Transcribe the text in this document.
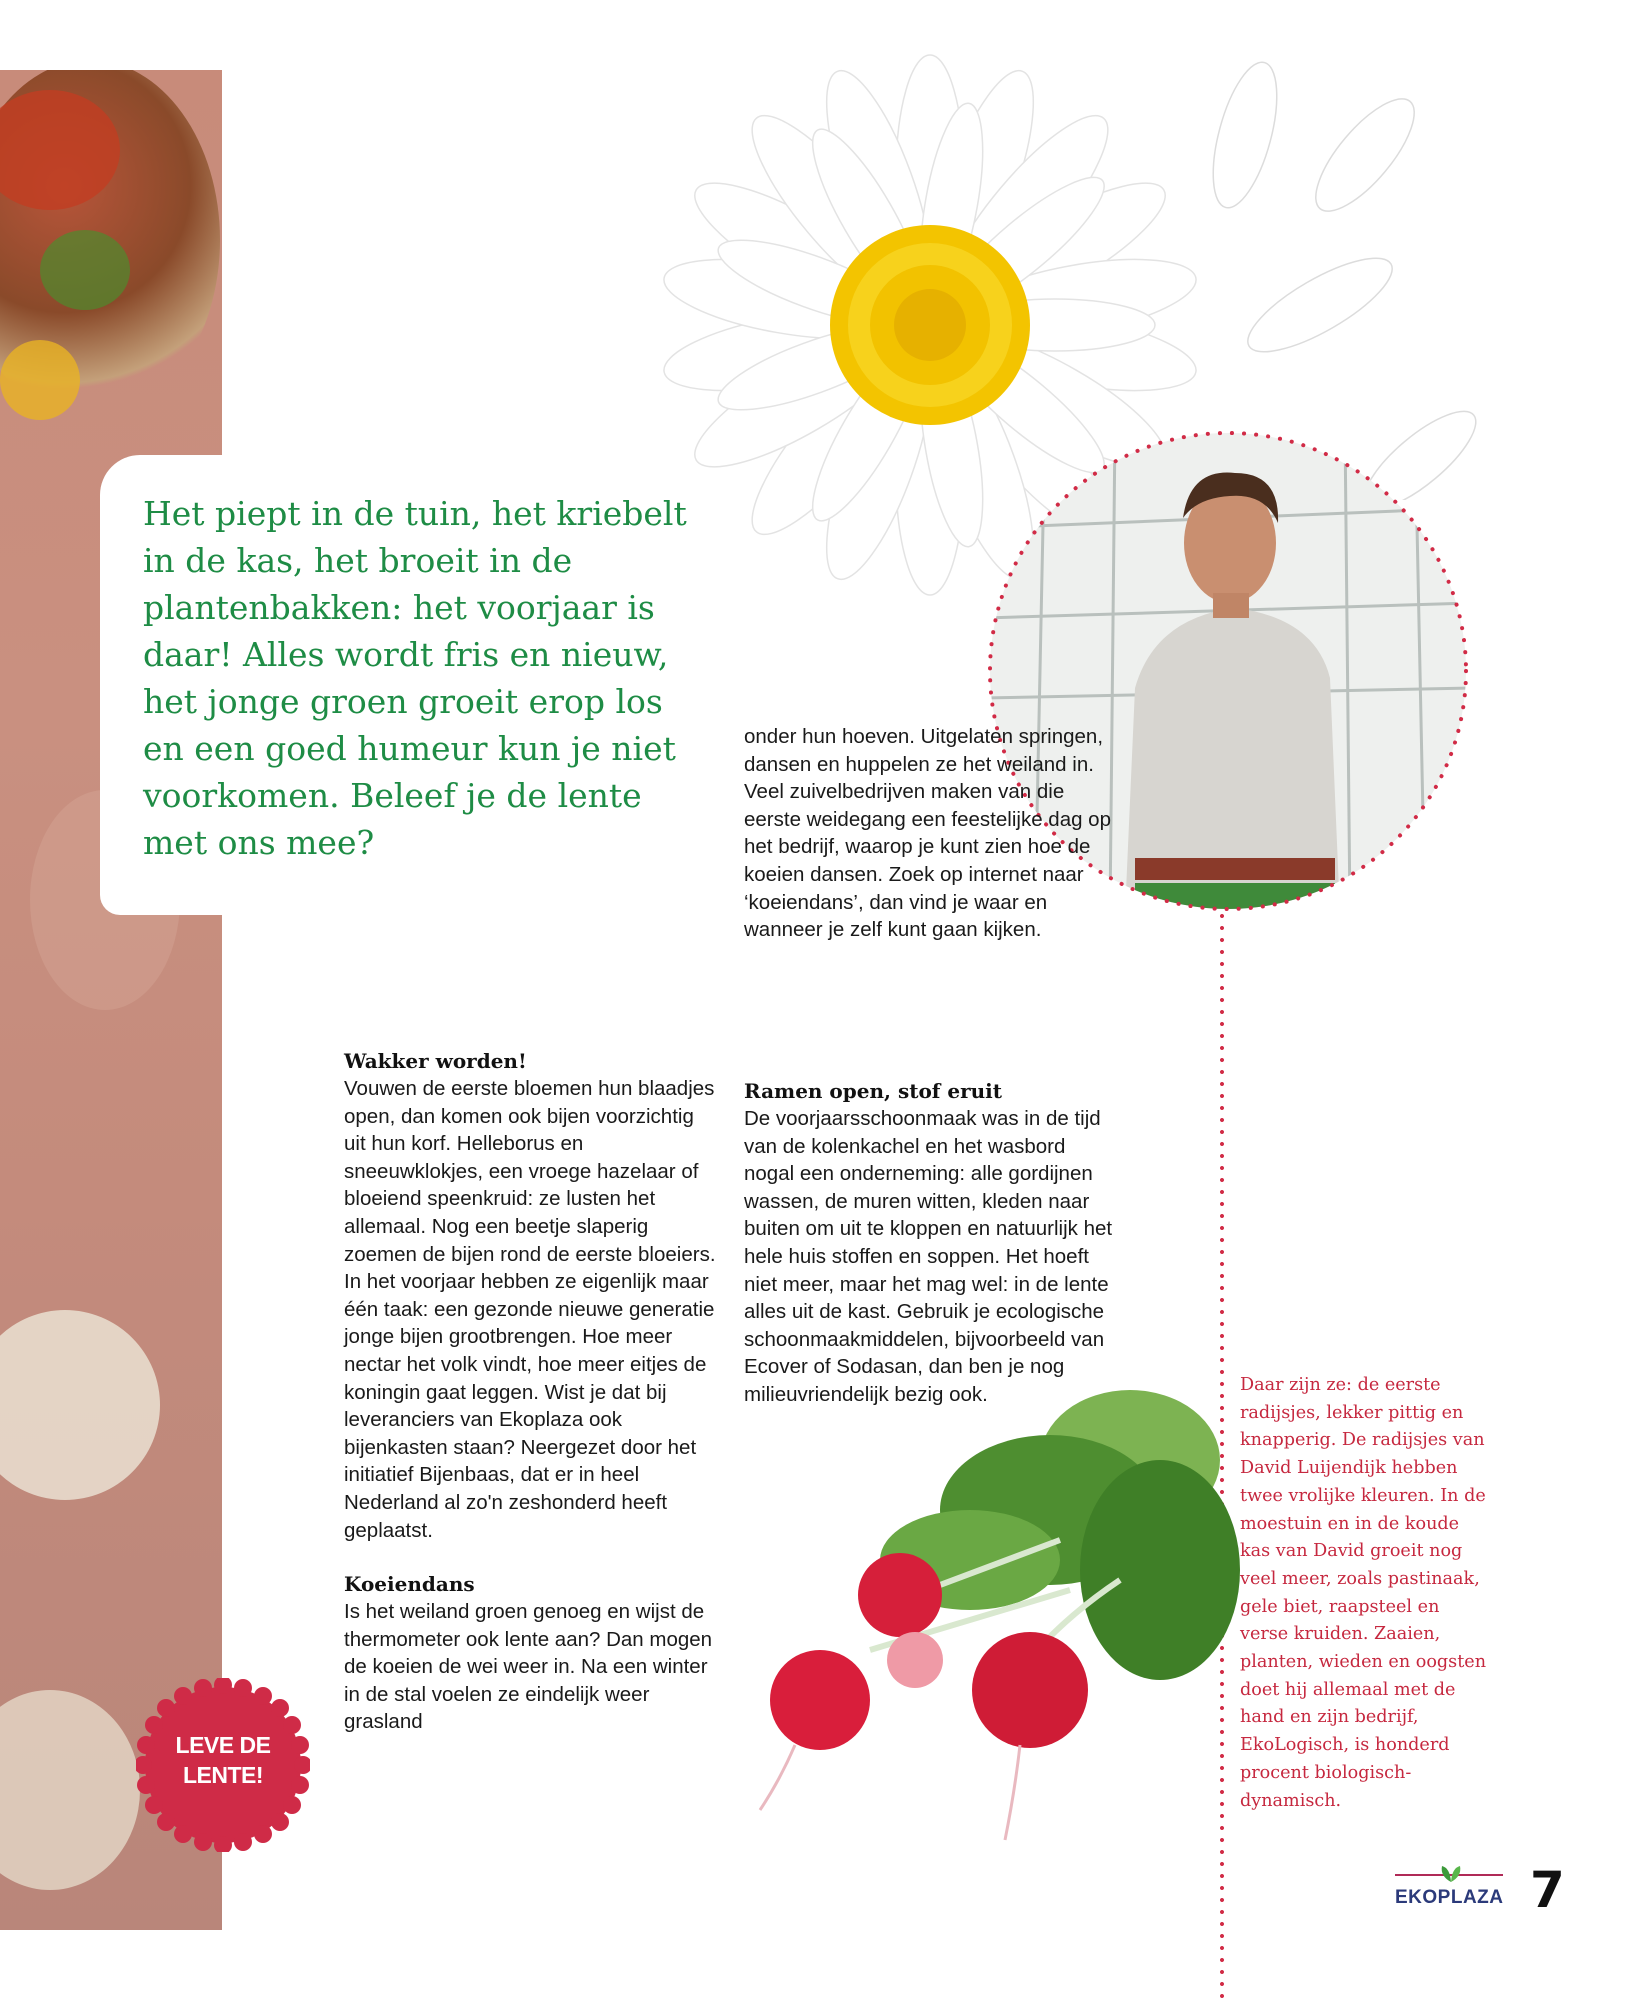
Het piept in de tuin, het kriebelt in de kas, het broeit in de plantenbakken: het voorjaar is daar! Alles wordt fris en nieuw, het jonge groen groeit erop los en een goed humeur kun je niet voorkomen. Beleef je de lente met ons mee?

onder hun hoeven. Uitgelaten springen, dansen en huppelen ze het weiland in. Veel zuivelbedrijven maken van die eerste weidegang een feestelijke dag op het bedrijf, waarop je kunt zien hoe de koeien dansen. Zoek op internet naar ‘koeiendans’, dan vind je waar en wanneer je zelf kunt gaan kijken.

Wakker worden!

Vouwen de eerste bloemen hun blaadjes open, dan komen ook bijen voorzichtig uit hun korf. Helleborus en sneeuwklokjes, een vroege hazelaar of bloeiend speenkruid: ze lusten het allemaal. Nog een beetje slaperig zoemen de bijen rond de eerste bloeiers. In het voorjaar hebben ze eigenlijk maar één taak: een gezonde nieuwe generatie jonge bijen grootbrengen. Hoe meer nectar het volk vindt, hoe meer eitjes de koningin gaat leggen. Wist je dat bij leveranciers van Ekoplaza ook bijenkasten staan? Neergezet door het initiatief Bijenbaas, dat er in heel Nederland al zo'n zeshonderd heeft geplaatst.

Koeiendans

Is het weiland groen genoeg en wijst de thermometer ook lente aan? Dan mogen de koeien de wei weer in. Na een winter in de stal voelen ze eindelijk weer grasland

Ramen open, stof eruit

De voorjaarsschoonmaak was in de tijd van de kolenkachel en het wasbord nogal een onderneming: alle gordijnen wassen, de muren witten, kleden naar buiten om uit te kloppen en natuurlijk het hele huis stoffen en soppen. Het hoeft niet meer, maar het mag wel: in de lente alles uit de kast. Gebruik je ecologische schoonmaakmiddelen, bijvoorbeeld van Ecover of Sodasan, dan ben je nog milieuvriendelijk bezig ook.	Daar zijn ze: de eerste radijsjes, lekker pittig en knapperig. De radijsjes van David Luijendijk hebben twee vrolijke kleuren. In de moestuin en in de koude kas van David groeit nog veel meer, zoals pastinaak, gele biet, raapsteel en verse kruiden. Zaaien, planten, wieden en oogsten doet hij allemaal met de hand en zijn bedrijf, EkoLogisch, is honderd procent biologisch-dynamisch.

LEVE DE
LENTE!
EKOPLAZA 7
